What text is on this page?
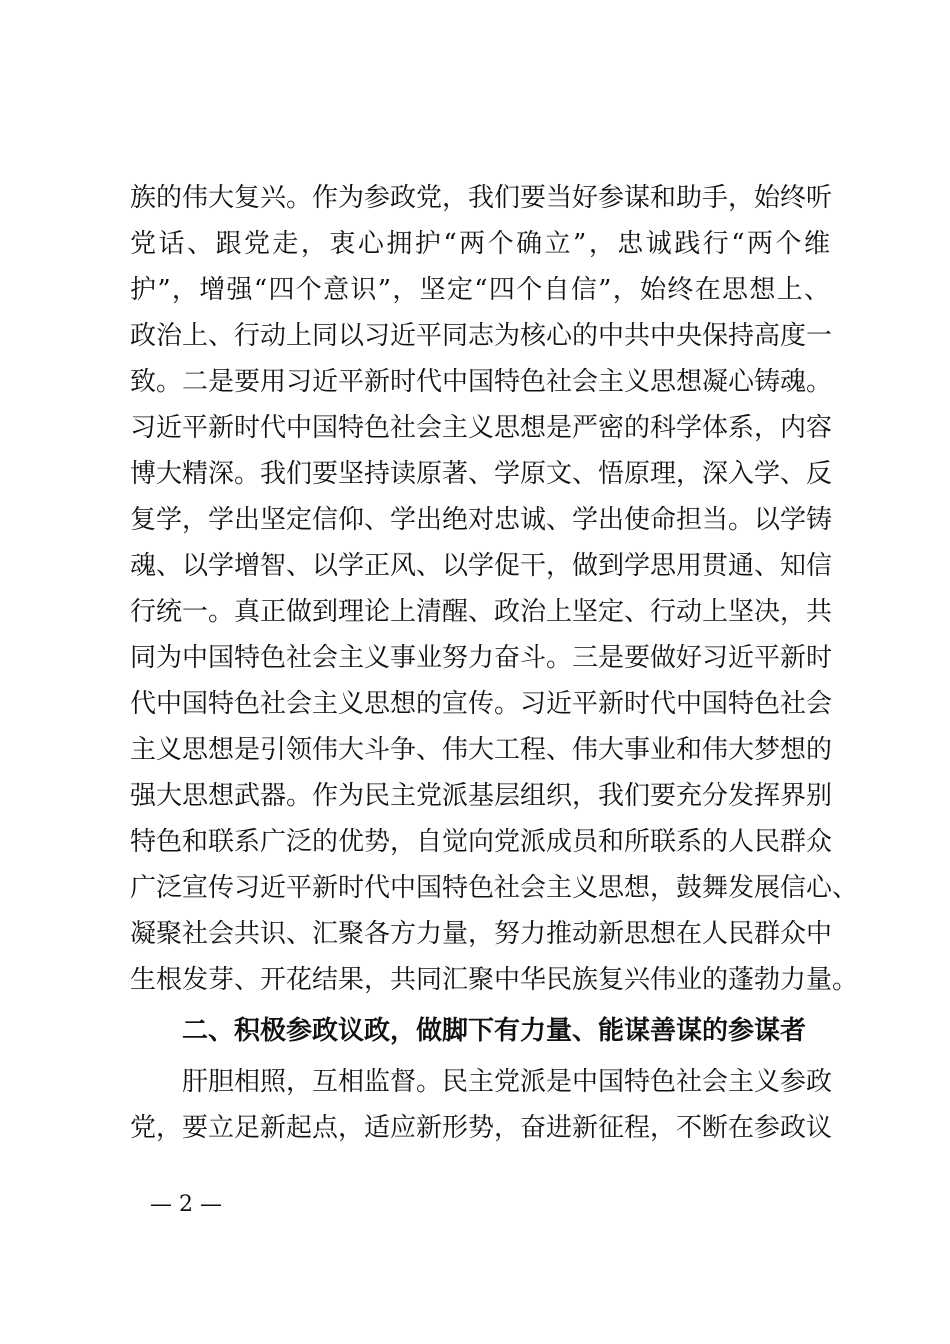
族的伟大复兴。作为参政党，我们要当好参谋和助手，始终听
党话、跟党走，衷心拥护“两个确立”，忠诚践行“两个维
护”，增强“四个意识”，坚定“四个自信”，始终在思想上、
政治上、行动上同以习近平同志为核心的中共中央保持高度一
致。二是要用习近平新时代中国特色社会主义思想凝心铸魂。
习近平新时代中国特色社会主义思想是严密的科学体系，内容
博大精深。我们要坚持读原著、学原文、悟原理，深入学、反
复学，学出坚定信仰、学出绝对忠诚、学出使命担当。以学铸
魂、以学增智、以学正风、以学促干，做到学思用贯通、知信
行统一。真正做到理论上清醒、政治上坚定、行动上坚决，共
同为中国特色社会主义事业努力奋斗。三是要做好习近平新时
代中国特色社会主义思想的宣传。习近平新时代中国特色社会
主义思想是引领伟大斗争、伟大工程、伟大事业和伟大梦想的
强大思想武器。作为民主党派基层组织，我们要充分发挥界别
特色和联系广泛的优势，自觉向党派成员和所联系的人民群众
广泛宣传习近平新时代中国特色社会主义思想，鼓舞发展信心、
凝聚社会共识、汇聚各方力量，努力推动新思想在人民群众中
生根发芽、开花结果，共同汇聚中华民族复兴伟业的蓬勃力量。
二、积极参政议政，做脚下有力量、能谋善谋的参谋者
肝胆相照，互相监督。民主党派是中国特色社会主义参政
党，要立足新起点，适应新形势，奋进新征程，不断在参政议
— 2 —
